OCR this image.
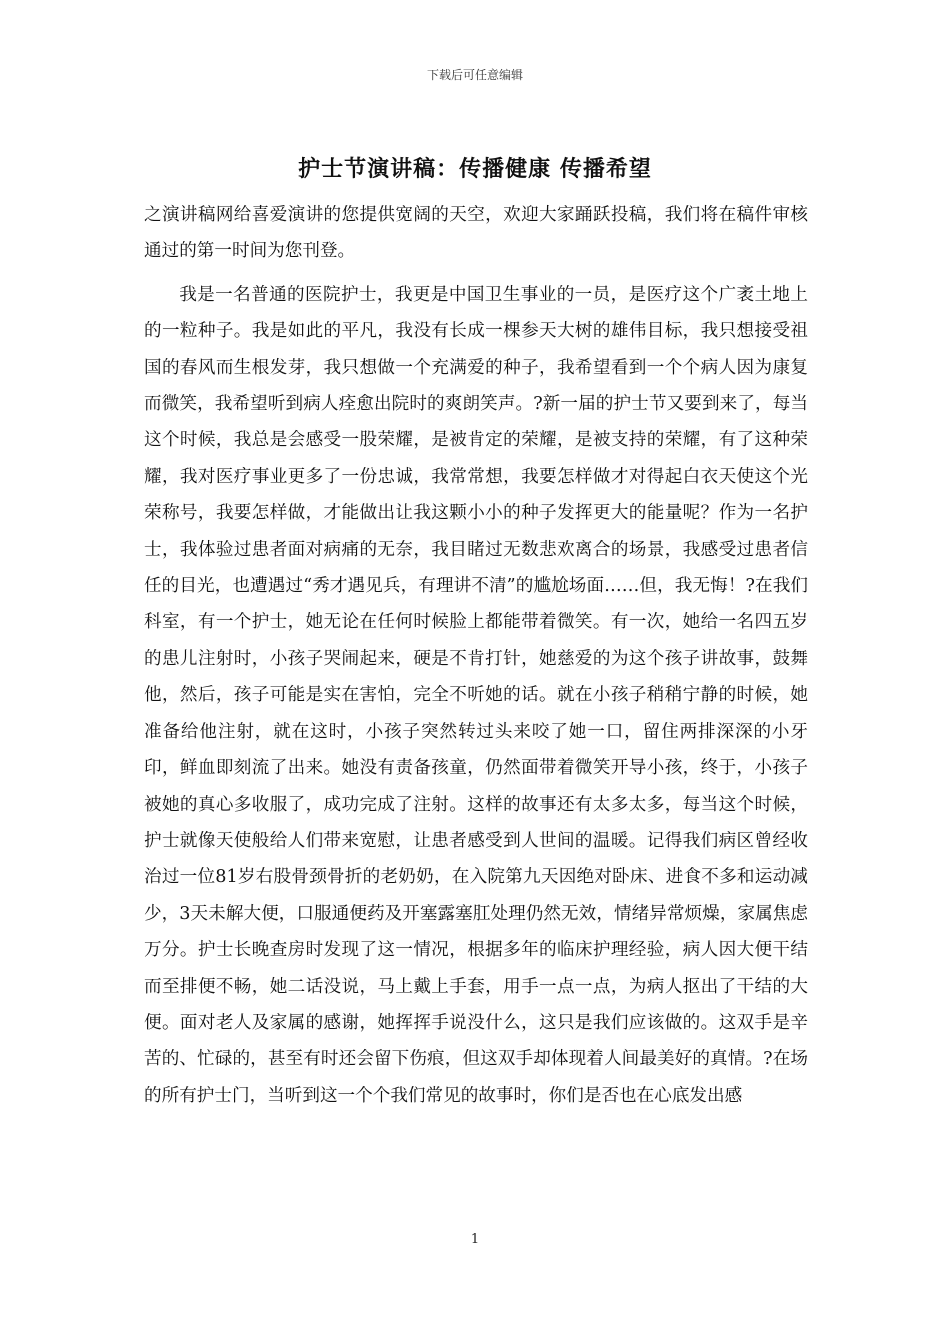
下载后可任意编辑
护士节演讲稿：传播健康 传播希望

之演讲稿网给喜爱演讲的您提供宽阔的天空，欢迎大家踊跃投稿，我们将在稿件审核通过的第一时间为您刊登。

我是一名普通的医院护士，我更是中国卫生事业的一员，是医疗这个广袤土地上的一粒种子。我是如此的平凡，我没有长成一棵参天大树的雄伟目标，我只想接受祖国的春风而生根发芽，我只想做一个充满爱的种子，我希望看到一个个病人因为康复而微笑，我希望听到病人痊愈出院时的爽朗笑声。?新一届的护士节又要到来了，每当这个时候，我总是会感受一股荣耀，是被肯定的荣耀，是被支持的荣耀，有了这种荣耀，我对医疗事业更多了一份忠诚，我常常想，我要怎样做才对得起白衣天使这个光荣称号，我要怎样做，才能做出让我这颗小小的种子发挥更大的能量呢？作为一名护士，我体验过患者面对病痛的无奈，我目睹过无数悲欢离合的场景，我感受过患者信任的目光，也遭遇过“秀才遇见兵，有理讲不清”的尴尬场面……但，我无悔！?在我们科室，有一个护士，她无论在任何时候脸上都能带着微笑。有一次，她给一名四五岁的患儿注射时，小孩子哭闹起来，硬是不肯打针，她慈爱的为这个孩子讲故事，鼓舞他，然后，孩子可能是实在害怕，完全不听她的话。就在小孩子稍稍宁静的时候，她准备给他注射，就在这时，小孩子突然转过头来咬了她一口，留住两排深深的小牙印，鲜血即刻流了出来。她没有责备孩童，仍然面带着微笑开导小孩，终于，小孩子被她的真心多收服了，成功完成了注射。这样的故事还有太多太多，每当这个时候，护士就像天使般给人们带来宽慰，让患者感受到人世间的温暖。记得我们病区曾经收治过一位81岁右股骨颈骨折的老奶奶，在入院第九天因绝对卧床、进食不多和运动减少，3天未解大便，口服通便药及开塞露塞肛处理仍然无效，情绪异常烦燥，家属焦虑万分。护士长晚查房时发现了这一情况，根据多年的临床护理经验，病人因大便干结而至排便不畅，她二话没说，马上戴上手套，用手一点一点，为病人抠出了干结的大便。面对老人及家属的感谢，她挥挥手说没什么，这只是我们应该做的。这双手是辛苦的、忙碌的，甚至有时还会留下伤痕，但这双手却体现着人间最美好的真情。?在场的所有护士门，当听到这一个个我们常见的故事时，你们是否也在心底发出感

1
